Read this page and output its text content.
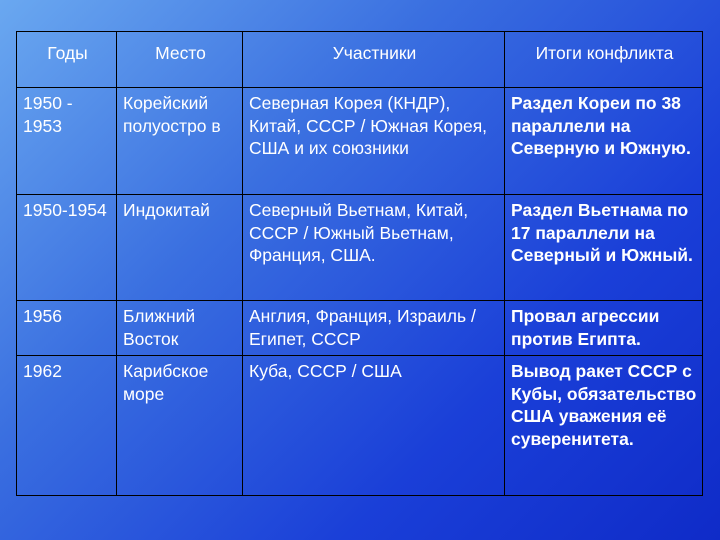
Годы	Место	Участники	Итоги конфликта
1950 - 1953	Корейский полуостро в	Северная Корея (КНДР), Китай, СССР / Южная Корея, США и их союзники	Раздел Кореи по 38 параллели на Северную и Южную.
1950-1954	Индокитай	Северный Вьетнам, Китай, СССР / Южный Вьетнам, Франция, США.	Раздел Вьетнама по 17 параллели на Северный и Южный.
1956	Ближний Восток	Англия, Франция, Израиль / Египет, СССР	Провал агрессии против Египта.
1962	Карибское море	Куба, СССР / США	Вывод ракет СССР с Кубы, обязательство США уважения её суверенитета.
